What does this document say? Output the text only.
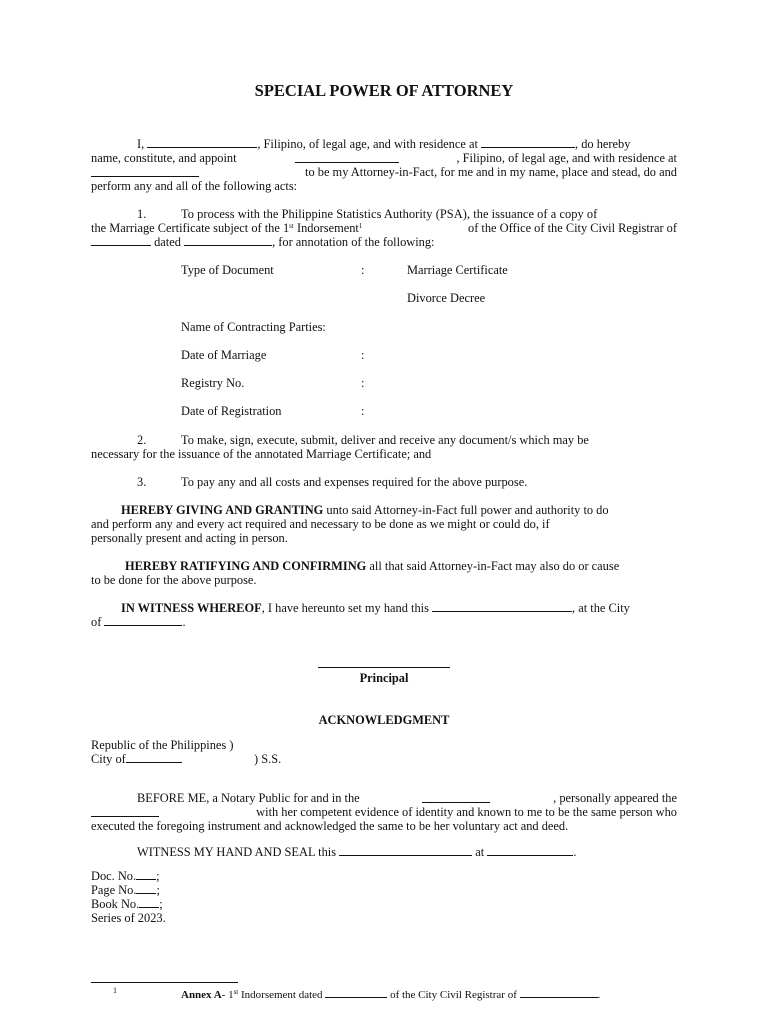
SPECIAL POWER OF ATTORNEY
I,	, Filipino, of legal age, and with residence at	, do hereby
name, constitute, and appoint	, Filipino, of legal age, and with residence at
to be my Attorney-in-Fact, for me and in my name, place and stead, do and
perform any and all of the following acts:
1.	To process with the Philippine Statistics Authority (PSA), the issuance of a copy of
the Marriage Certificate subject of the 1st Indorsement$^1$	of the Office of the City Civil Registrar of
dated	, for annotation of the following:
Type of Document	:	Marriage Certificate
Divorce Decree
Name of Contracting Parties:
Date of Marriage	:
Registry No.	:
Date of Registration	:
2.	To make, sign, execute, submit, deliver and receive any document/s which may be
necessary for the issuance of the annotated Marriage Certificate; and
3.	To pay any and all costs and expenses required for the above purpose.
HEREBY GIVING AND GRANTING unto said Attorney-in-Fact full power and authority to do
and perform any and every act required and necessary to be done as we might or could do, if
personally present and acting in person.
HEREBY RATIFYING AND CONFIRMING all that said Attorney-in-Fact may also do or cause
to be done for the above purpose.
IN WITNESS WHEREOF, I have hereunto set my hand this	, at the City
of	.
Principal
ACKNOWLEDGMENT
Republic of the Philippines )
City of	) S.S.
BEFORE ME, a Notary Public for and in the	, personally appeared the
with her competent evidence of identity and known to me to be the same person who
executed the foregoing instrument and acknowledged the same to be her voluntary act and deed.
WITNESS MY HAND AND SEAL this	at	.
Doc. No. ;
Page No. ;
Book No. ;
Series of 2023.
1	Annex A- 1st Indorsement dated	of the City Civil Registrar of	.
